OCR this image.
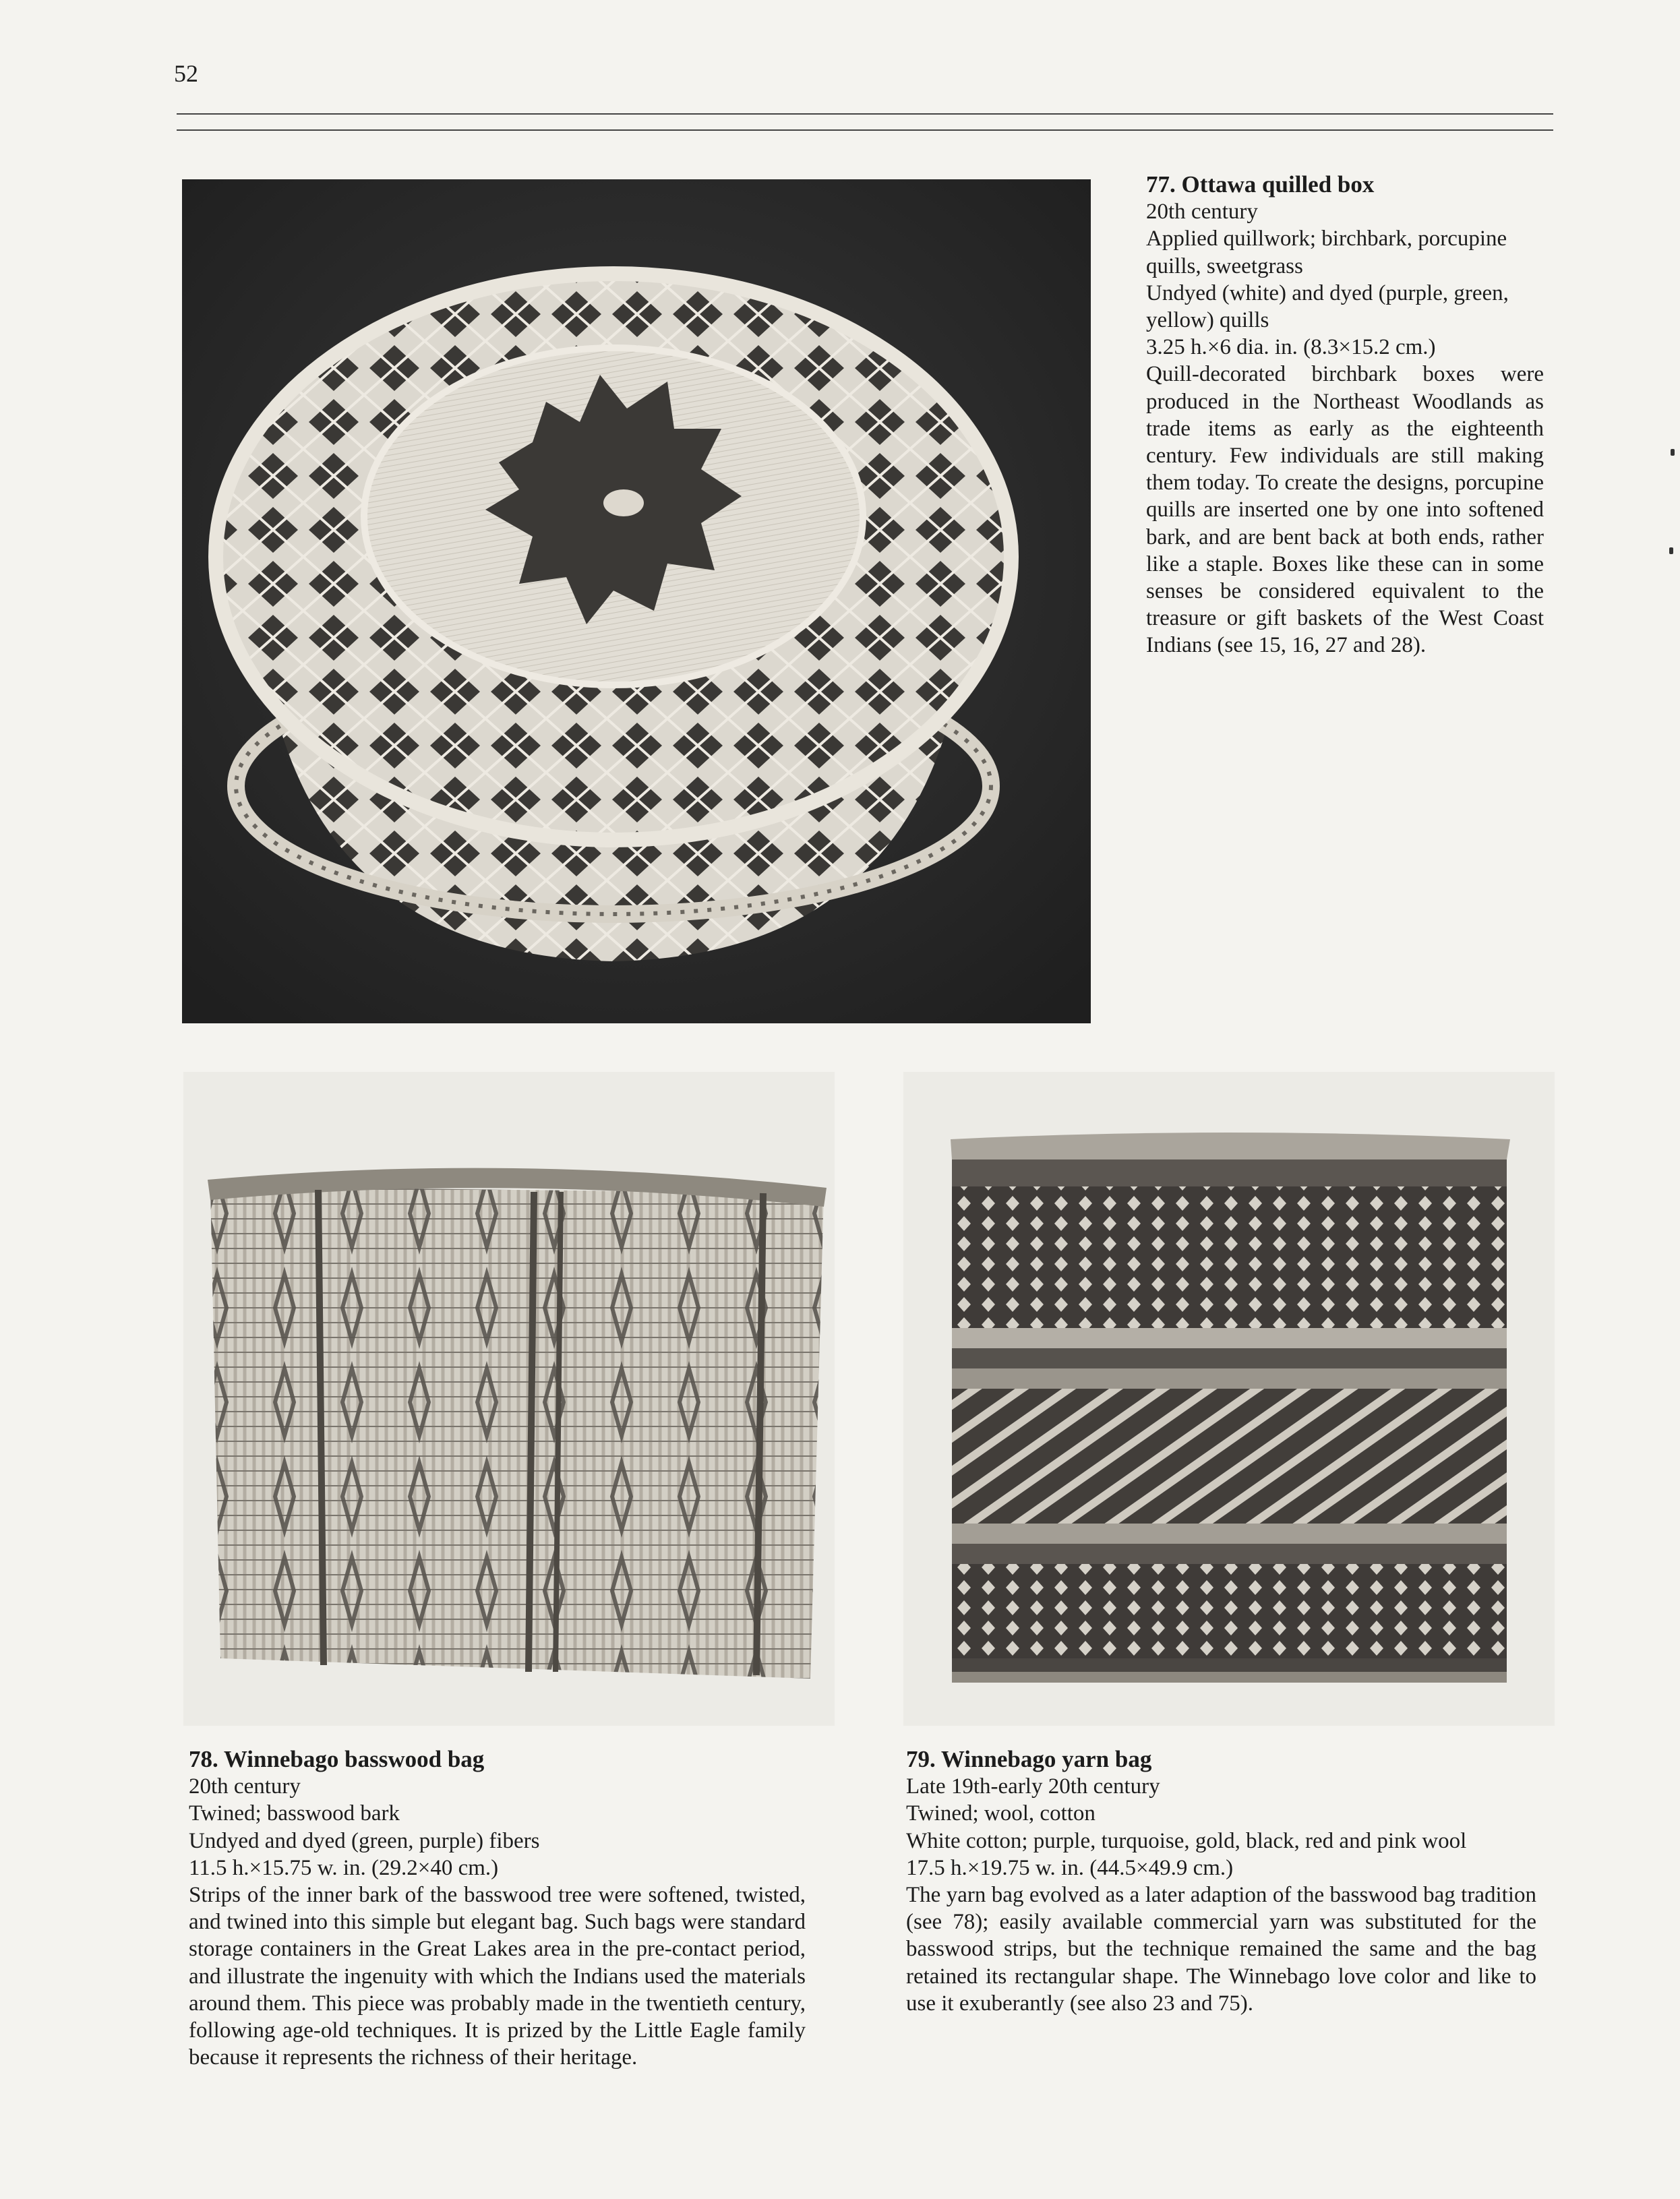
52
77. Ottawa quilled box
20th century
Applied quillwork; birchbark, porcupine quills, sweetgrass
Undyed (white) and dyed (purple, green, yellow) quills
3.25 h.×6 dia. in. (8.3×15.2 cm.)
Quill-decorated birchbark boxes were produced in the Northeast Woodlands as trade items as early as the eighteenth century. Few individuals are still making them today. To create the designs, porcupine quills are inserted one by one into softened bark, and are bent back at both ends, rather like a staple. Boxes like these can in some senses be considered equivalent to the treasure or gift baskets of the West Coast Indians (see 15, 16, 27 and 28).
78. Winnebago basswood bag
20th century
Twined; basswood bark
Undyed and dyed (green, purple) fibers
11.5 h.×15.75 w. in. (29.2×40 cm.)
Strips of the inner bark of the basswood tree were softened, twisted, and twined into this simple but elegant bag. Such bags were standard storage containers in the Great Lakes area in the pre-contact period, and illustrate the ingenuity with which the Indians used the materials around them. This piece was probably made in the twentieth century, following age-old techniques. It is prized by the Little Eagle family because it represents the richness of their heritage.
79. Winnebago yarn bag
Late 19th-early 20th century
Twined; wool, cotton
White cotton; purple, turquoise, gold, black, red and pink wool
17.5 h.×19.75 w. in. (44.5×49.9 cm.)
The yarn bag evolved as a later adaption of the basswood bag tradition (see 78); easily available commercial yarn was substituted for the basswood strips, but the technique remained the same and the bag retained its rectangular shape. The Winnebago love color and like to use it exuberantly (see also 23 and 75).
